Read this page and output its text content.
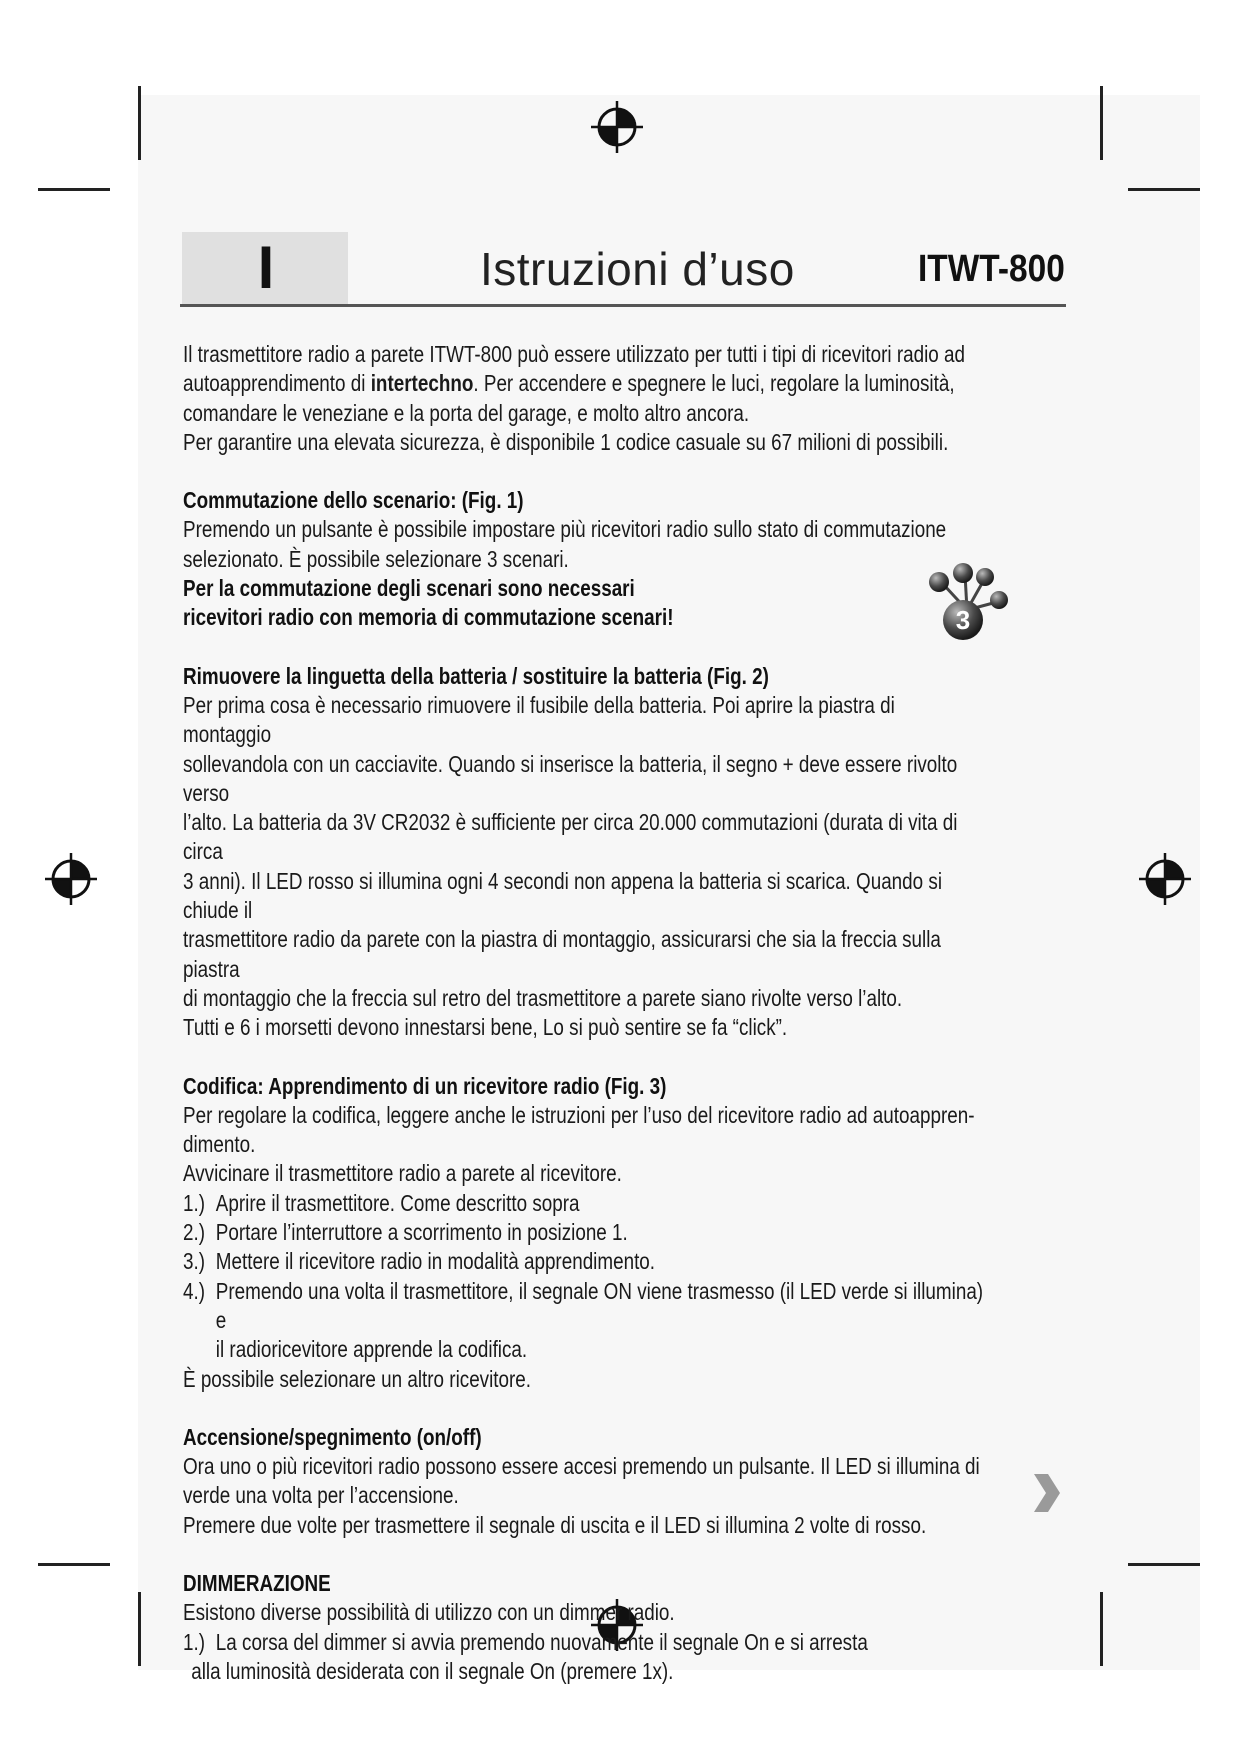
I	Istruzioni d’uso	ITWT-800
3

Il trasmettitore radio a parete ITWT-800 può essere utilizzato per tutti i tipi di ricevitori radio ad

autoapprendimento di intertechno. Per accendere e spegnere le luci, regolare la luminosità,

comandare le veneziane e la porta del garage, e molto altro ancora.

Per garantire una elevata sicurezza, è disponibile 1 codice casuale su 67 milioni di possibili.

Commutazione dello scenario: (Fig. 1)

Premendo un pulsante è possibile impostare più ricevitori radio sullo stato di commutazione

selezionato. È possibile selezionare 3 scenari.

Per la commutazione degli scenari sono necessari

ricevitori radio con memoria di commutazione scenari!

Rimuovere la linguetta della batteria / sostituire la batteria (Fig. 2)

Per prima cosa è necessario rimuovere il fusibile della batteria. Poi aprire la piastra di montaggio

sollevandola con un cacciavite. Quando si inserisce la batteria, il segno + deve essere rivolto verso

l’alto. La batteria da 3V CR2032 è sufficiente per circa 20.000 commutazioni (durata di vita di circa

3 anni). Il LED rosso si illumina ogni 4 secondi non appena la batteria si scarica. Quando si chiude il

trasmettitore radio da parete con la piastra di montaggio, assicurarsi che sia la freccia sulla piastra

di montaggio che la freccia sul retro del trasmettitore a parete siano rivolte verso l’alto.

Tutti e 6 i morsetti devono innestarsi bene, Lo si può sentire se fa “click”.

Codifica: Apprendimento di un ricevitore radio (Fig. 3)

Per regolare la codifica, leggere anche le istruzioni per l’uso del ricevitore radio ad autoappren-

dimento.

Avvicinare il trasmettitore radio a parete al ricevitore.

1.) Aprire il trasmettitore. Come descritto sopra
2.) Portare l’interruttore a scorrimento in posizione 1.
3.) Mettere il ricevitore radio in modalità apprendimento.
4.) Premendo una volta il trasmettitore, il segnale ON viene trasmesso (il LED verde si illumina) e
il radioricevitore apprende la codifica.

È possibile selezionare un altro ricevitore.

Accensione/spegnimento (on/off)

Ora uno o più ricevitori radio possono essere accesi premendo un pulsante. Il LED si illumina di

verde una volta per l’accensione.

Premere due volte per trasmettere il segnale di uscita e il LED si illumina 2 volte di rosso.

DIMMERAZIONE

Esistono diverse possibilità di utilizzo con un dimmer radio.

1.) La corsa del dimmer si avvia premendo nuovamente il segnale On e si arresta

alla luminosità desiderata con il segnale On (premere 1x).
